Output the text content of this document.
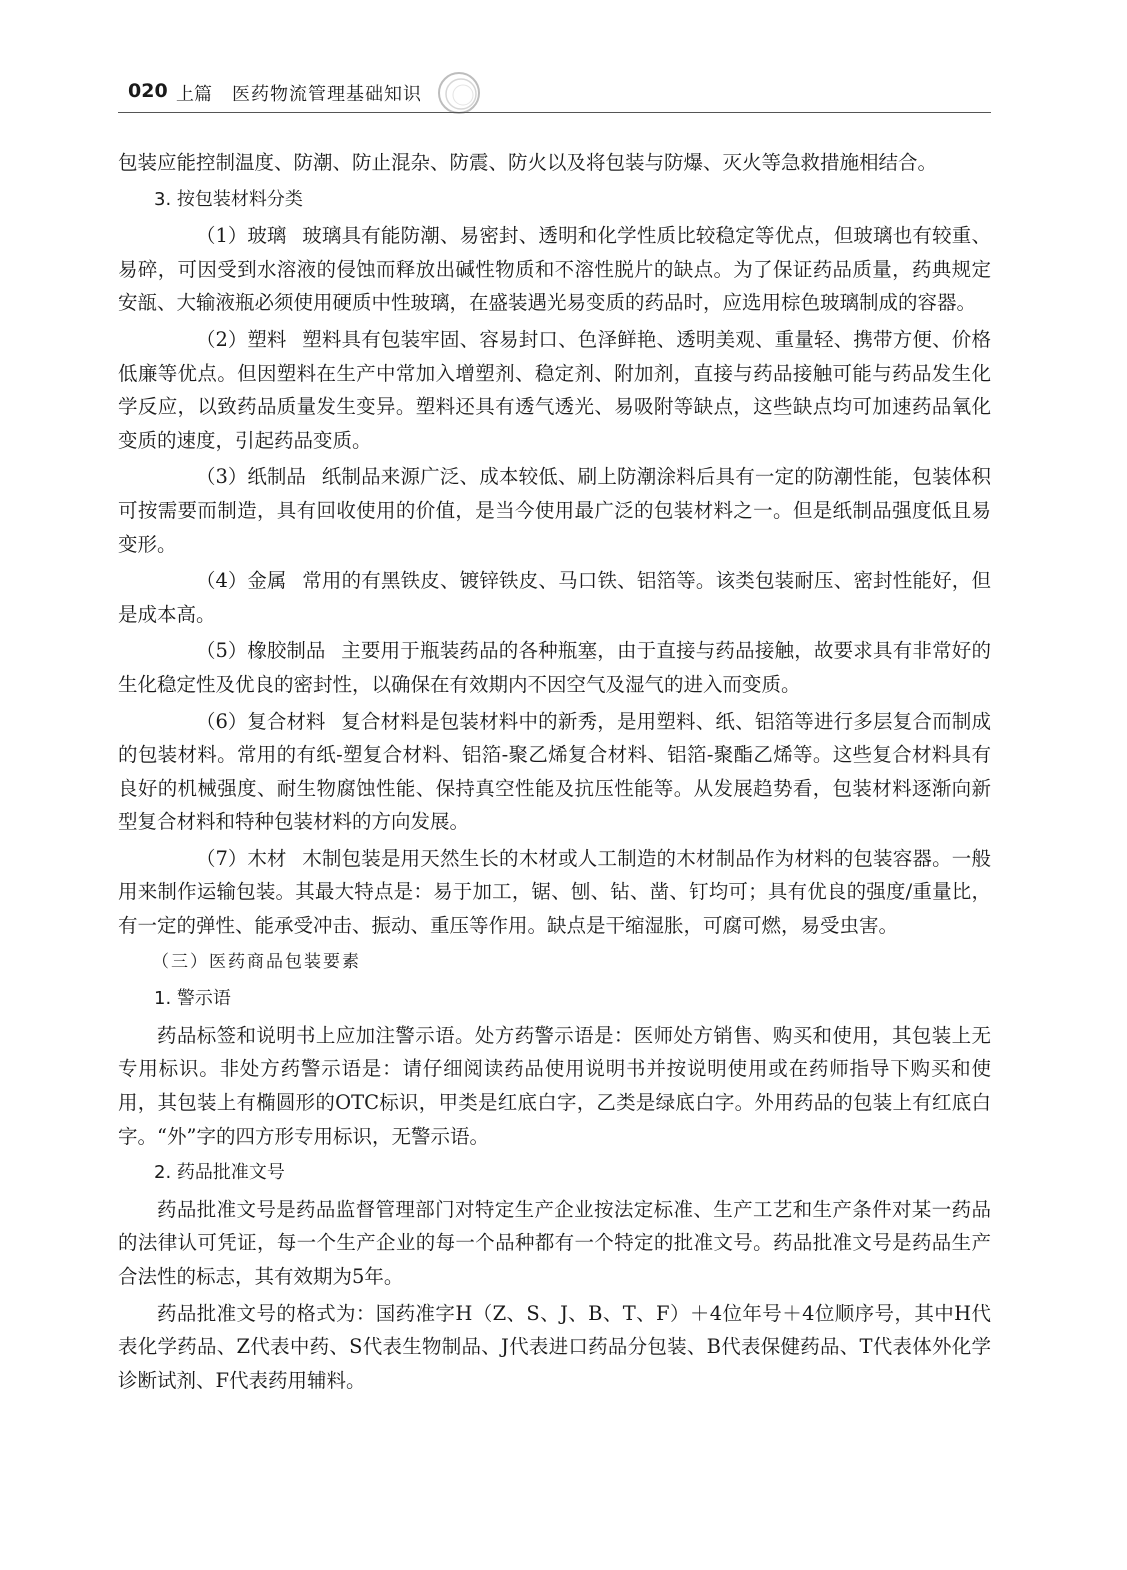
020 上篇 医药物流管理基础知识

包装应能控制温度、防潮、防止混杂、防震、防火以及将包装与防爆、灭火等急救措施相结合。

3. 按包装材料分类

（1）玻璃 玻璃具有能防潮、易密封、透明和化学性质比较稳定等优点，但玻璃也有较重、易碎，可因受到水溶液的侵蚀而释放出碱性物质和不溶性脱片的缺点。为了保证药品质量，药典规定安瓿、大输液瓶必须使用硬质中性玻璃，在盛装遇光易变质的药品时，应选用棕色玻璃制成的容器。

（2）塑料 塑料具有包装牢固、容易封口、色泽鲜艳、透明美观、重量轻、携带方便、价格低廉等优点。但因塑料在生产中常加入增塑剂、稳定剂、附加剂，直接与药品接触可能与药品发生化学反应，以致药品质量发生变异。塑料还具有透气透光、易吸附等缺点，这些缺点均可加速药品氧化变质的速度，引起药品变质。

（3）纸制品 纸制品来源广泛、成本较低、刷上防潮涂料后具有一定的防潮性能，包装体积可按需要而制造，具有回收使用的价值，是当今使用最广泛的包装材料之一。但是纸制品强度低且易变形。

（4）金属 常用的有黑铁皮、镀锌铁皮、马口铁、铝箔等。该类包装耐压、密封性能好，但是成本高。

（5）橡胶制品 主要用于瓶装药品的各种瓶塞，由于直接与药品接触，故要求具有非常好的生化稳定性及优良的密封性，以确保在有效期内不因空气及湿气的进入而变质。

（6）复合材料 复合材料是包装材料中的新秀，是用塑料、纸、铝箔等进行多层复合而制成的包装材料。常用的有纸-塑复合材料、铝箔-聚乙烯复合材料、铝箔-聚酯乙烯等。这些复合材料具有良好的机械强度、耐生物腐蚀性能、保持真空性能及抗压性能等。从发展趋势看，包装材料逐渐向新型复合材料和特种包装材料的方向发展。

（7）木材 木制包装是用天然生长的木材或人工制造的木材制品作为材料的包装容器。一般用来制作运输包装。其最大特点是：易于加工，锯、刨、钻、凿、钉均可；具有优良的强度/重量比，有一定的弹性、能承受冲击、振动、重压等作用。缺点是干缩湿胀，可腐可燃，易受虫害。

（三）医药商品包装要素

1. 警示语

药品标签和说明书上应加注警示语。处方药警示语是：医师处方销售、购买和使用，其包装上无专用标识。非处方药警示语是：请仔细阅读药品使用说明书并按说明使用或在药师指导下购买和使用，其包装上有椭圆形的OTC标识，甲类是红底白字，乙类是绿底白字。外用药品的包装上有红底白字。“外”字的四方形专用标识，无警示语。

2. 药品批准文号

药品批准文号是药品监督管理部门对特定生产企业按法定标准、生产工艺和生产条件对某一药品的法律认可凭证，每一个生产企业的每一个品种都有一个特定的批准文号。药品批准文号是药品生产合法性的标志，其有效期为5年。

药品批准文号的格式为：国药准字H（Z、S、J、B、T、F）＋4位年号＋4位顺序号，其中H代表化学药品、Z代表中药、S代表生物制品、J代表进口药品分包装、B代表保健药品、T代表体外化学诊断试剂、F代表药用辅料。
